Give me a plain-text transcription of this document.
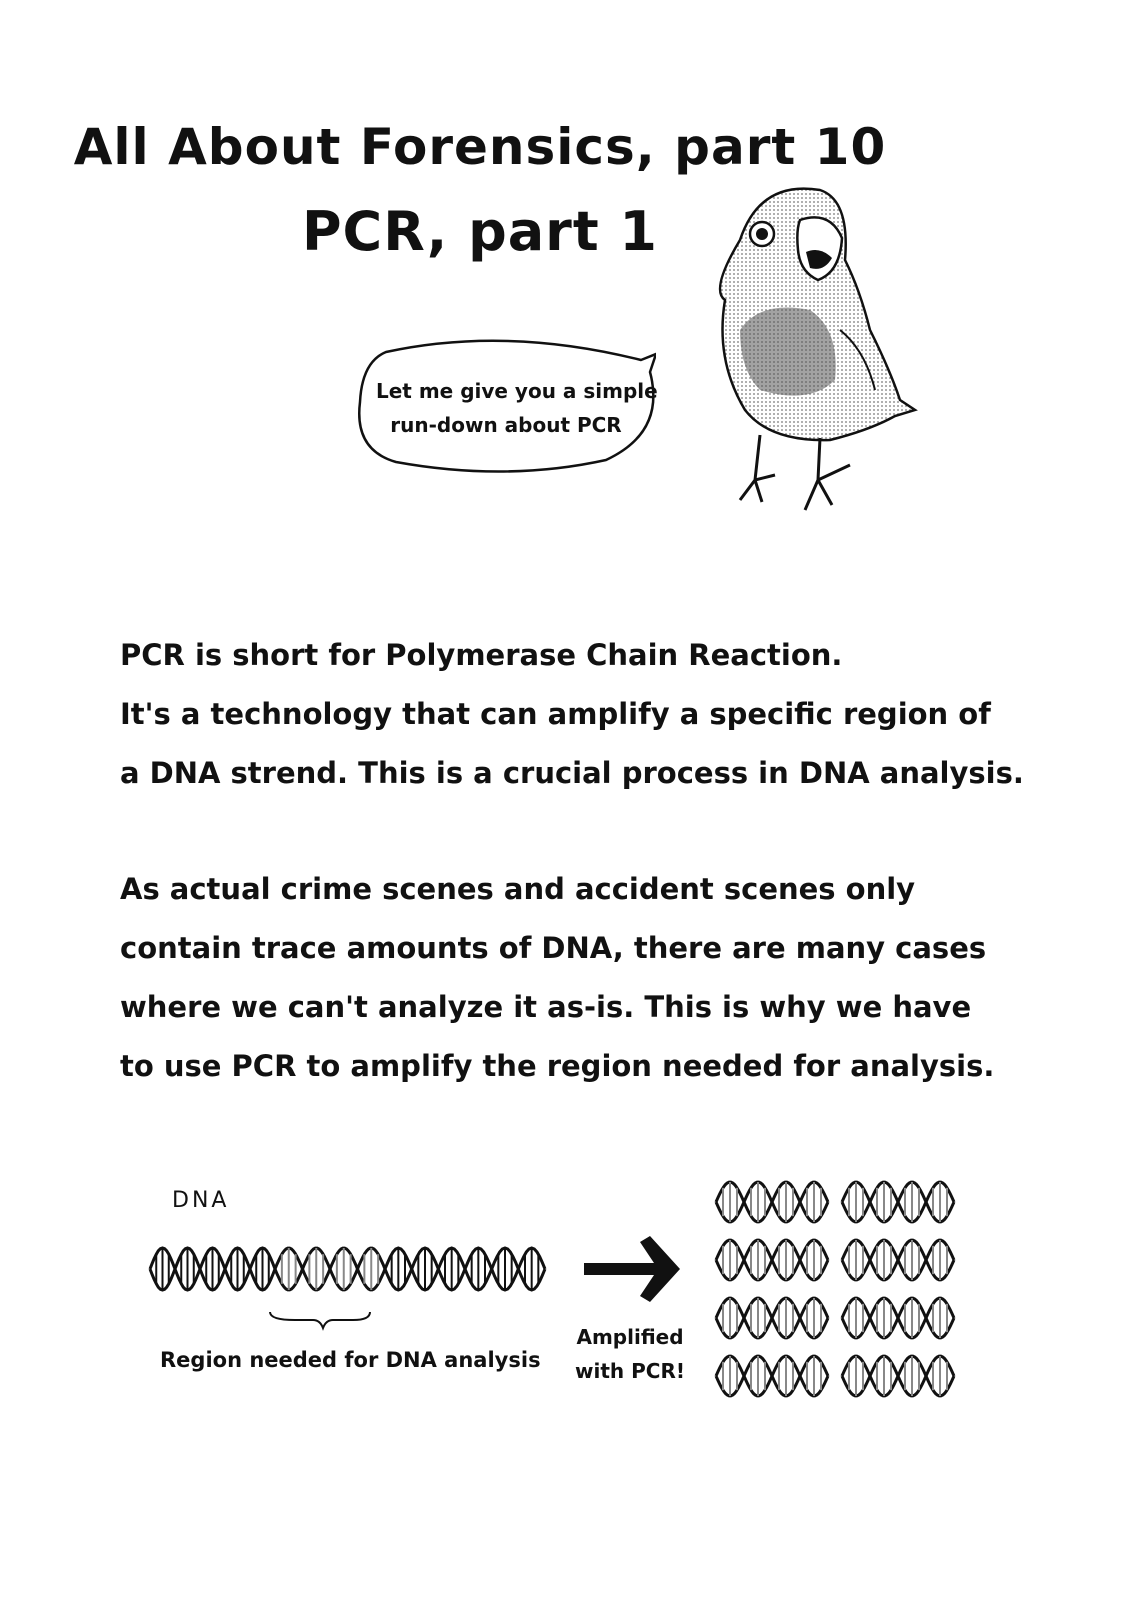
All About Forensics, part 10
PCR, part 1
Let me give you a simple
run-down about PCR
PCR is short for Polymerase Chain Reaction.
It's a technology that can amplify a specific region of
a DNA strend. This is a crucial process in DNA analysis.
As actual crime scenes and accident scenes only
contain trace amounts of DNA, there are many cases
where we can't analyze it as-is. This is why we have
to use PCR to amplify the region needed for analysis.
DNA
Region needed for DNA analysis
Amplified
with PCR!
